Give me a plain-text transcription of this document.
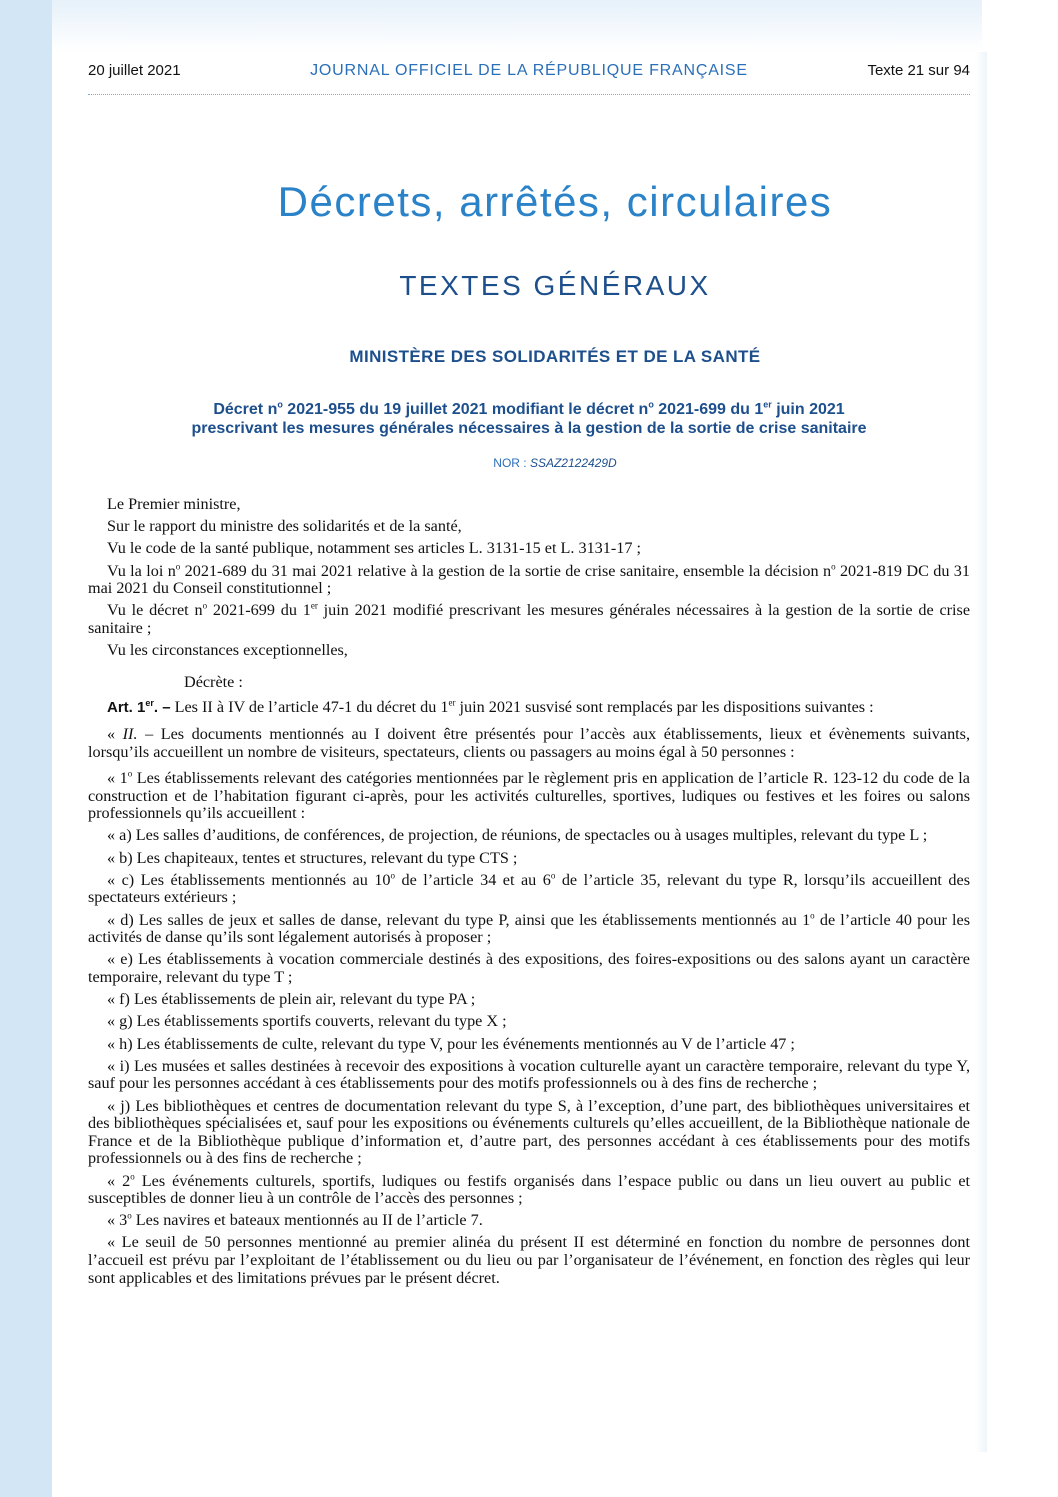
20 juillet 2021	JOURNAL OFFICIEL DE LA RÉPUBLIQUE FRANÇAISE	Texte 21 sur 94
Décrets, arrêtés, circulaires
TEXTES GÉNÉRAUX
MINISTÈRE DES SOLIDARITÉS ET DE LA SANTÉ
Décret $n^o$ 2021-955 du 19 juillet 2021 modifiant le décret $n^o$ 2021-699 du 1er juin 2021
prescrivant les mesures générales nécessaires à la gestion de la sortie de crise sanitaire
NOR : SSAZ2122429D

Le Premier ministre,

Sur le rapport du ministre des solidarités et de la santé,

Vu le code de la santé publique, notamment ses articles L. 3131-15 et L. 3131-17 ;

Vu la loi $n^o$ 2021-689 du 31 mai 2021 relative à la gestion de la sortie de crise sanitaire, ensemble la décision $n^o$ 2021-819 DC du 31 mai 2021 du Conseil constitutionnel ;

Vu le décret $n^o$ 2021-699 du 1er juin 2021 modifié prescrivant les mesures générales nécessaires à la gestion de la sortie de crise sanitaire ;

Vu les circonstances exceptionnelles,

Décrète :

Art. 1er. – Les II à IV de l’article 47-1 du décret du 1er juin 2021 susvisé sont remplacés par les dispositions suivantes :

« II. – Les documents mentionnés au I doivent être présentés pour l’accès aux établissements, lieux et évènements suivants, lorsqu’ils accueillent un nombre de visiteurs, spectateurs, clients ou passagers au moins égal à 50 personnes :

« 1$^o$ Les établissements relevant des catégories mentionnées par le règlement pris en application de l’article R. 123-12 du code de la construction et de l’habitation figurant ci-après, pour les activités culturelles, sportives, ludiques ou festives et les foires ou salons professionnels qu’ils accueillent :

« a) Les salles d’auditions, de conférences, de projection, de réunions, de spectacles ou à usages multiples, relevant du type L ;

« b) Les chapiteaux, tentes et structures, relevant du type CTS ;

« c) Les établissements mentionnés au 10$^o$ de l’article 34 et au 6$^o$ de l’article 35, relevant du type R, lorsqu’ils accueillent des spectateurs extérieurs ;

« d) Les salles de jeux et salles de danse, relevant du type P, ainsi que les établissements mentionnés au 1$^o$ de l’article 40 pour les activités de danse qu’ils sont légalement autorisés à proposer ;

« e) Les établissements à vocation commerciale destinés à des expositions, des foires-expositions ou des salons ayant un caractère temporaire, relevant du type T ;

« f) Les établissements de plein air, relevant du type PA ;

« g) Les établissements sportifs couverts, relevant du type X ;

« h) Les établissements de culte, relevant du type V, pour les événements mentionnés au V de l’article 47 ;

« i) Les musées et salles destinées à recevoir des expositions à vocation culturelle ayant un caractère temporaire, relevant du type Y, sauf pour les personnes accédant à ces établissements pour des motifs professionnels ou à des fins de recherche ;

« j) Les bibliothèques et centres de documentation relevant du type S, à l’exception, d’une part, des bibliothèques universitaires et des bibliothèques spécialisées et, sauf pour les expositions ou événements culturels qu’elles accueillent, de la Bibliothèque nationale de France et de la Bibliothèque publique d’information et, d’autre part, des personnes accédant à ces établissements pour des motifs professionnels ou à des fins de recherche ;

« 2$^o$ Les événements culturels, sportifs, ludiques ou festifs organisés dans l’espace public ou dans un lieu ouvert au public et susceptibles de donner lieu à un contrôle de l’accès des personnes ;

« 3$^o$ Les navires et bateaux mentionnés au II de l’article 7.

« Le seuil de 50 personnes mentionné au premier alinéa du présent II est déterminé en fonction du nombre de personnes dont l’accueil est prévu par l’exploitant de l’établissement ou du lieu ou par l’organisateur de l’événement, en fonction des règles qui leur sont applicables et des limitations prévues par le présent décret.
